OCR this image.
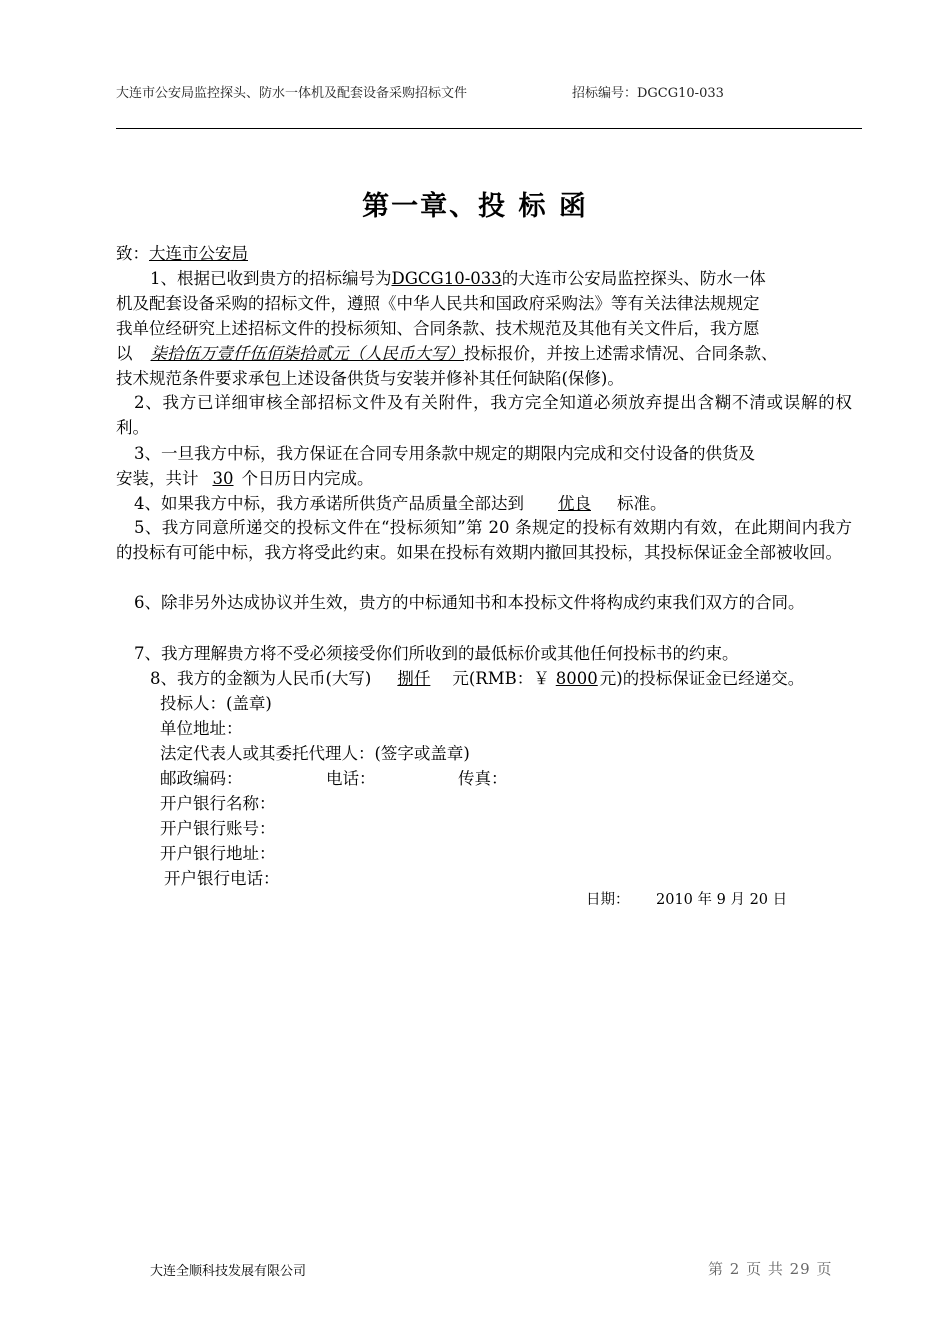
大连市公安局监控探头、防水一体机及配套设备采购招标文件	招标编号：DGCG10-033
第一章、投 标 函
致：大连市公安局
1、根据已收到贵方的招标编号为DGCG10-033的大连市公安局监控探头、防水一体
机及配套设备采购的招标文件，遵照《中华人民共和国政府采购法》等有关法律法规规定
我单位经研究上述招标文件的投标须知、合同条款、技术规范及其他有关文件后，我方愿
以 柒拾伍万壹仟伍佰柒拾贰元（人民币大写）投标报价，并按上述需求情况、合同条款、
技术规范条件要求承包上述设备供货与安装并修补其任何缺陷(保修)。
2、我方已详细审核全部招标文件及有关附件，我方完全知道必须放弃提出含糊不清或误解的权利。
3、一旦我方中标，我方保证在合同专用条款中规定的期限内完成和交付设备的供货及
安装，共计 30 个日历日内完成。
4、如果我方中标，我方承诺所供货产品质量全部达到 优良 标准。
5、我方同意所递交的投标文件在“投标须知”第 20 条规定的投标有效期内有效，在此期间内我方的投标有可能中标，我方将受此约束。如果在投标有效期内撤回其投标，其投标保证金全部被收回。
6、除非另外达成协议并生效，贵方的中标通知书和本投标文件将构成约束我们双方的合同。
7、我方理解贵方将不受必须接受你们所收到的最低标价或其他任何投标书的约束。
8、我方的金额为人民币(大写) 捌仟 元(RMB：￥ 8000 元)的投标保证金已经递交。
投标人：(盖章)
单位地址：
法定代表人或其委托代理人：(签字或盖章)
邮政编码：	电话：	传真：
开户银行名称：
开户银行账号：
开户银行地址：
开户银行电话：
日期： 2010 年 9 月 20 日
大连全顺科技发展有限公司	第 2 页 共 29 页
